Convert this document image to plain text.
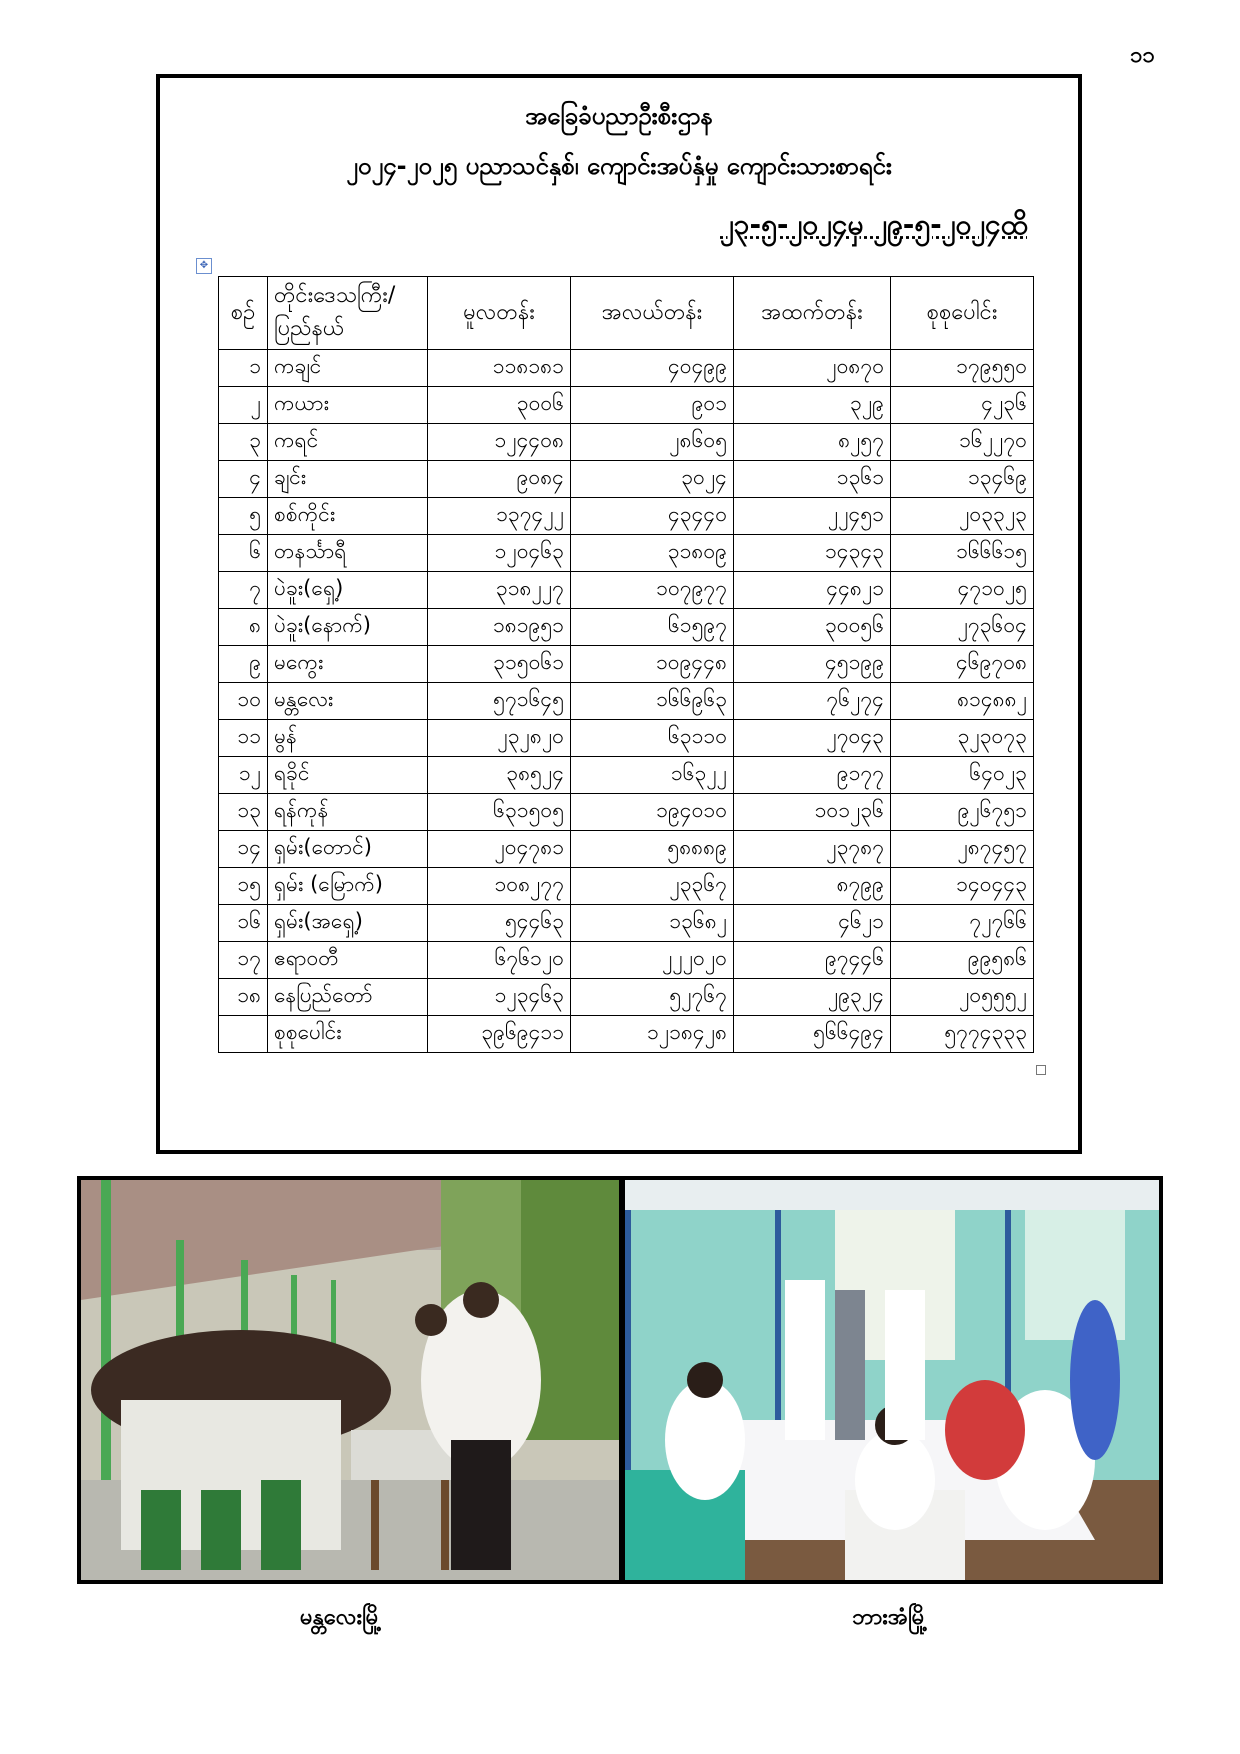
၁၁
အခြေခံပညာဦးစီးဌာန
၂၀၂၄-၂၀၂၅ ပညာသင်နှစ်၊ ကျောင်းအပ်နှံမှု ကျောင်းသားစာရင်း
၂၃-၅-၂၀၂၄မှ ၂၉-၅-၂၀၂၄ထိ
✥
စဉ်	တိုင်းဒေသကြီး/ ပြည်နယ်	မူလတန်း	အလယ်တန်း	အထက်တန်း	စုစုပေါင်း
၁	ကချင်	၁၁၈၁၈၁	၄၀၄၉၉	၂၀၈၇၀	၁၇၉၅၅၀
၂	ကယား	၃၀၀၆	၉၀၁	၃၂၉	၄၂၃၆
၃	ကရင်	၁၂၄၄၀၈	၂၈၆၀၅	၈၂၅၇	၁၆၂၂၇၀
၄	ချင်း	၉၀၈၄	၃၀၂၄	၁၃၆၁	၁၃၄၆၉
၅	စစ်ကိုင်း	၁၃၇၄၂၂	၄၃၄၄၀	၂၂၄၅၁	၂၀၃၃၂၃
၆	တနင်္သာရီ	၁၂၀၄၆၃	၃၁၈၀၉	၁၄၃၄၃	၁၆၆၆၁၅
၇	ပဲခူး(ရှေ့)	၃၁၈၂၂၇	၁၀၇၉၇၇	၄၄၈၂၁	၄၇၁၀၂၅
၈	ပဲခူး(နောက်)	၁၈၁၉၅၁	၆၁၅၉၇	၃၀၀၅၆	၂၇၃၆၀၄
၉	မကွေး	၃၁၅၀၆၁	၁၀၉၄၄၈	၄၅၁၉၉	၄၆၉၇၀၈
၁၀	မန္တလေး	၅၇၁၆၄၅	၁၆၆၉၆၃	၇၆၂၇၄	၈၁၄၈၈၂
၁၁	မွန်	၂၃၂၈၂၀	၆၃၁၁၀	၂၇၀၄၃	၃၂၃၀၇၃
၁၂	ရခိုင်	၃၈၅၂၄	၁၆၃၂၂	၉၁၇၇	၆၄၀၂၃
၁၃	ရန်ကုန်	၆၃၁၅၀၅	၁၉၄၀၁၀	၁၀၁၂၃၆	၉၂၆၇၅၁
၁၄	ရှမ်း(တောင်)	၂၀၄၇၈၁	၅၈၈၈၉	၂၃၇၈၇	၂၈၇၄၅၇
၁၅	ရှမ်း (မြောက်)	၁၀၈၂၇၇	၂၃၃၆၇	၈၇၉၉	၁၄၀၄၄၃
၁၆	ရှမ်း(အရှေ့)	၅၄၄၆၃	၁၃၆၈၂	၄၆၂၁	၇၂၇၆၆
၁၇	ဧရာဝတီ	၆၇၆၁၂၀	၂၂၂၀၂၀	၉၇၄၄၆	၉၉၅၈၆
၁၈	နေပြည်တော်	၁၂၃၄၆၃	၅၂၇၆၇	၂၉၃၂၄	၂၀၅၅၅၂
	စုစုပေါင်း	၃၉၆၉၄၁၁	၁၂၁၈၄၂၈	၅၆၆၄၉၄	၅၇၇၄၃၃၃
မန္တလေးမြို့	ဘားအံမြို့
